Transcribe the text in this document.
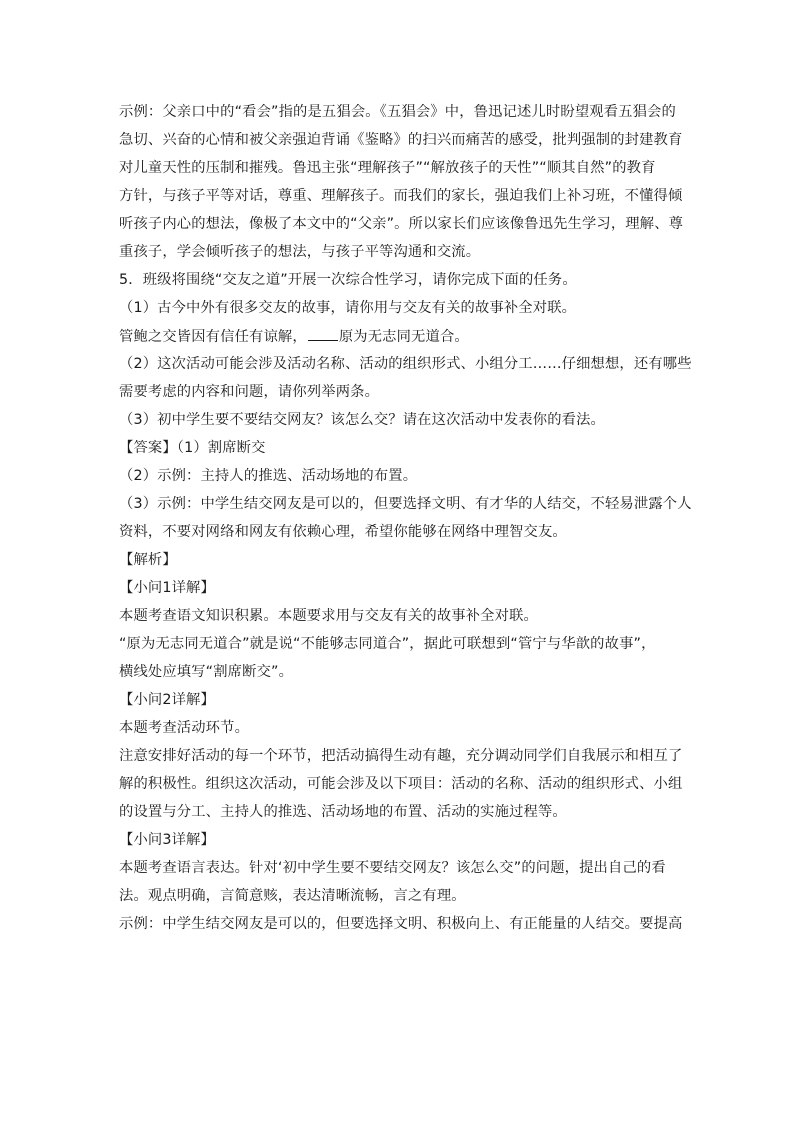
示例：父亲口中的“看会”指的是五猖会。《五猖会》中，鲁迅记述儿时盼望观看五猖会的
急切、兴奋的心情和被父亲强迫背诵《鉴略》的扫兴而痛苦的感受，批判强制的封建教育
对儿童天性的压制和摧残。鲁迅主张“理解孩子”“解放孩子的天性”“顺其自然”的教育
方针，与孩子平等对话，尊重、理解孩子。而我们的家长，强迫我们上补习班，不懂得倾
听孩子内心的想法，像极了本文中的“父亲”。所以家长们应该像鲁迅先生学习，理解、尊
重孩子，学会倾听孩子的想法，与孩子平等沟通和交流。
5．班级将围绕“交友之道”开展一次综合性学习，请你完成下面的任务。
（1）古今中外有很多交友的故事，请你用与交友有关的故事补全对联。
管鲍之交皆因有信任有谅解， 原为无志同无道合。
（2）这次活动可能会涉及活动名称、活动的组织形式、小组分工……仔细想想，还有哪些
需要考虑的内容和问题，请你列举两条。
（3）初中学生要不要结交网友？该怎么交？请在这次活动中发表你的看法。
【答案】（1）割席断交
（2）示例：主持人的推选、活动场地的布置。
（3）示例：中学生结交网友是可以的，但要选择文明、有才华的人结交，不轻易泄露个人
资料，不要对网络和网友有依赖心理，希望你能够在网络中理智交友。
【解析】
【小问1详解】
本题考查语文知识积累。本题要求用与交友有关的故事补全对联。
“原为无志同无道合”就是说“不能够志同道合”，据此可联想到“管宁与华歆的故事”，
横线处应填写“割席断交”。
【小问2详解】
本题考查活动环节。
注意安排好活动的每一个环节，把活动搞得生动有趣，充分调动同学们自我展示和相互了
解的积极性。组织这次活动，可能会涉及以下项目：活动的名称、活动的组织形式、小组
的设置与分工、主持人的推选、活动场地的布置、活动的实施过程等。
【小问3详解】
本题考查语言表达。针对‘初中学生要不要结交网友？该怎么交”的问题，提出自己的看
法。观点明确，言简意赅，表达清晰流畅，言之有理。
示例：中学生结交网友是可以的，但要选择文明、积极向上、有正能量的人结交。要提高
